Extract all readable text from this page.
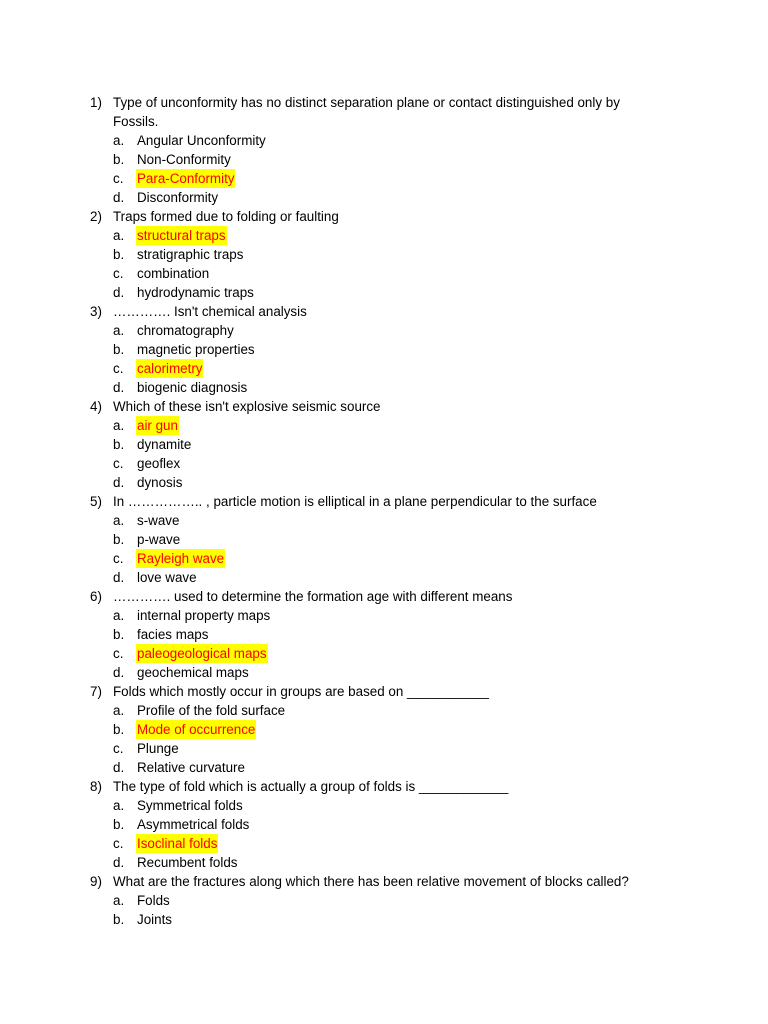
1) Type of unconformity has no distinct separation plane or contact distinguished only by Fossils.
a. Angular Unconformity
b. Non-Conformity
c.	Para-Conformity
d. Disconformity
2) Traps formed due to folding or faulting
a. structural traps
b. stratigraphic traps
c.	combination
d. hydrodynamic traps
3) …………. Isn't chemical analysis
a. chromatography
b. magnetic properties
c.	calorimetry
d. biogenic diagnosis
4) Which of these isn't explosive seismic source
a. air gun
b. dynamite
c.	geoflex
d. dynosis
5) In …………….. , particle motion is elliptical in a plane perpendicular to the surface
a. s-wave
b. p-wave
c.	Rayleigh wave
d. love wave
6) …………. used to determine the formation age with different means
a. internal property maps
b. facies maps
c.	paleogeological maps
d. geochemical maps
7) Folds which mostly occur in groups are based on ___________
a. Profile of the fold surface
b. Mode of occurrence
c.	Plunge
d. Relative curvature
8) The type of fold which is actually a group of folds is ____________
a. Symmetrical folds
b. Asymmetrical folds
c.	Isoclinal folds
d. Recumbent folds
9) What are the fractures along which there has been relative movement of blocks called?
a. Folds
b. Joints
